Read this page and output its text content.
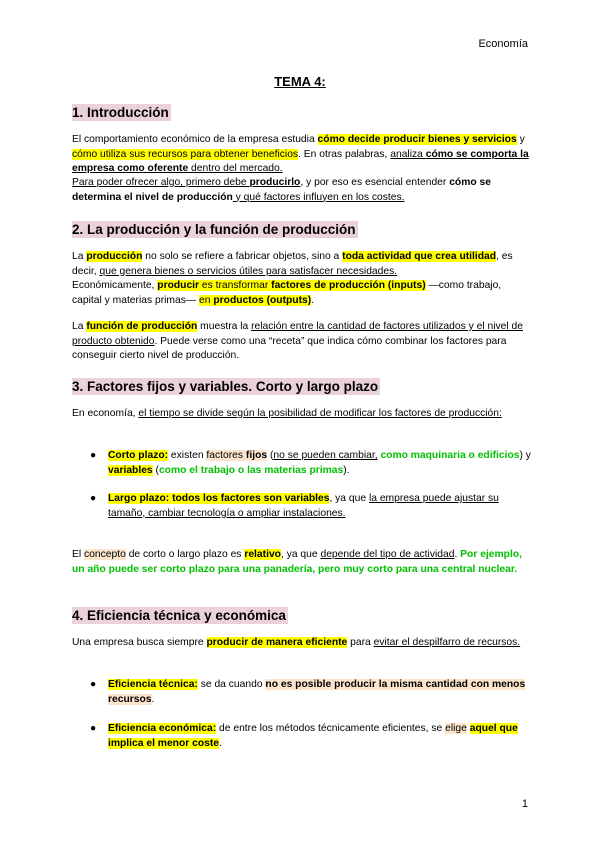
Economía
TEMA 4:
1. Introducción
El comportamiento económico de la empresa estudia cómo decide producir bienes y servicios y cómo utiliza sus recursos para obtener beneficios. En otras palabras, analiza cómo se comporta la empresa como oferente dentro del mercado.
Para poder ofrecer algo, primero debe producirlo, y por eso es esencial entender cómo se determina el nivel de producción y qué factores influyen en los costes.
2. La producción y la función de producción
La producción no solo se refiere a fabricar objetos, sino a toda actividad que crea utilidad, es decir, que genera bienes o servicios útiles para satisfacer necesidades.
Económicamente, producir es transformar factores de producción (inputs) —como trabajo, capital y materias primas— en productos (outputs).
La función de producción muestra la relación entre la cantidad de factores utilizados y el nivel de producto obtenido. Puede verse como una “receta” que indica cómo combinar los factores para conseguir cierto nivel de producción.
3. Factores fijos y variables. Corto y largo plazo
En economía, el tiempo se divide según la posibilidad de modificar los factores de producción:
● Corto plazo: existen factores fijos (no se pueden cambiar, como maquinaria o edificios) y variables (como el trabajo o las materias primas).
● Largo plazo: todos los factores son variables, ya que la empresa puede ajustar su tamaño, cambiar tecnología o ampliar instalaciones.
El concepto de corto o largo plazo es relativo, ya que depende del tipo de actividad. Por ejemplo, un año puede ser corto plazo para una panadería, pero muy corto para una central nuclear.
4. Eficiencia técnica y económica
Una empresa busca siempre producir de manera eficiente para evitar el despilfarro de recursos.
● Eficiencia técnica: se da cuando no es posible producir la misma cantidad con menos recursos.
● Eficiencia económica: de entre los métodos técnicamente eficientes, se elige aquel que implica el menor coste.
1
